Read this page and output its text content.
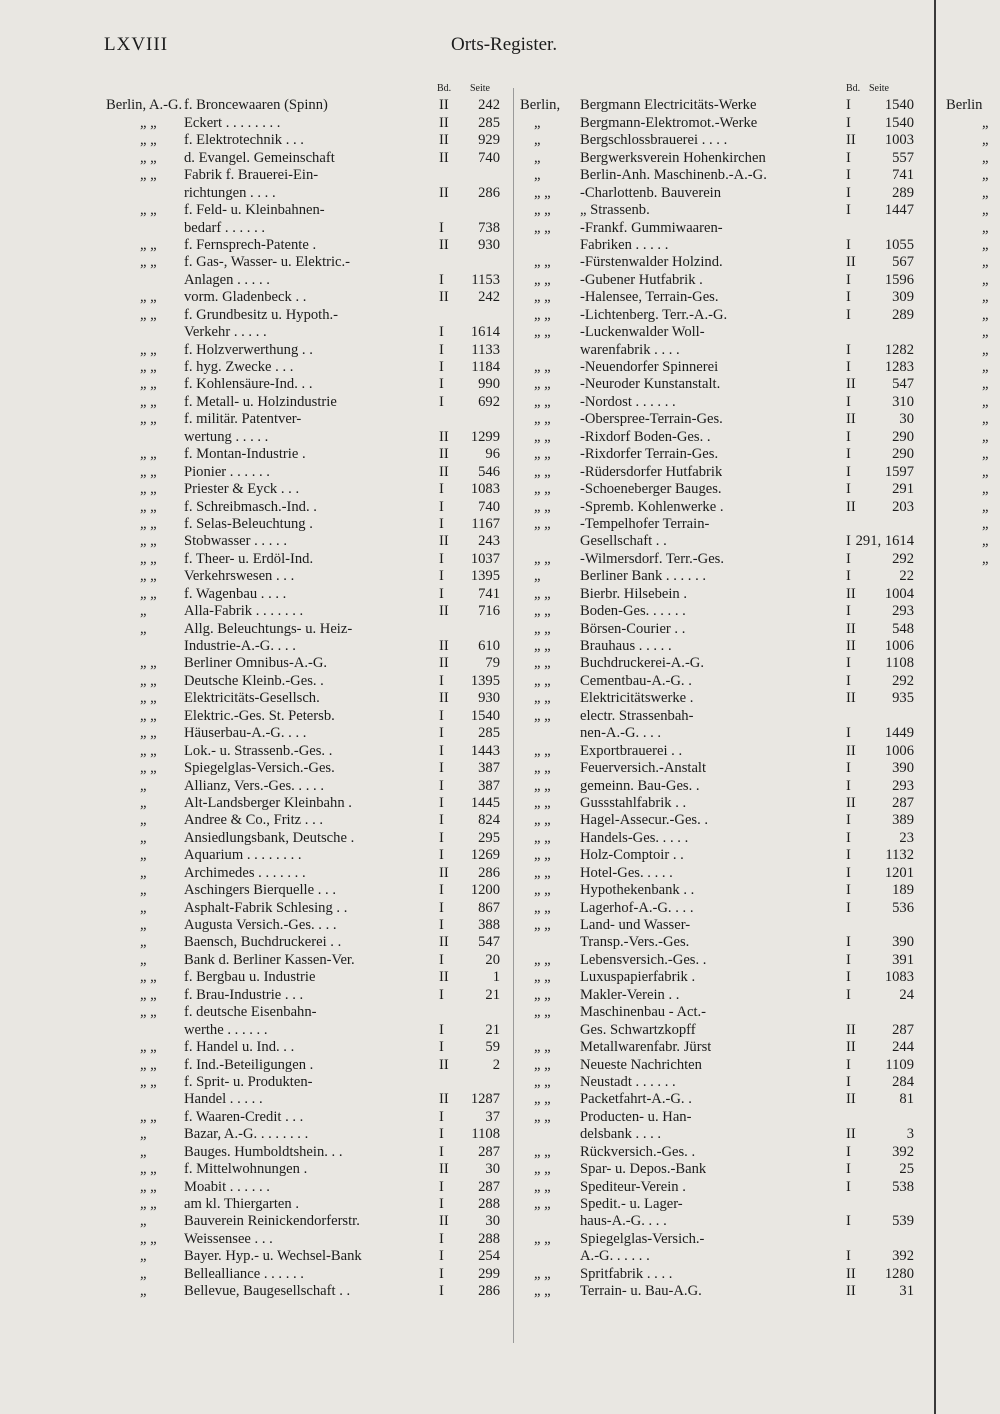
LXVIII	Orts-Register.
Bd. Seite
Berlin, A.-G. f. Broncewaaren (Spinn)	II 242
„ „ Eckert . . . . . . . .	II 285
„ „ f. Elektrotechnik . . .	II 929
„ „ d. Evangel. Gemeinschaft	II 740
„ „ Fabrik f. Brauerei-Ein-
richtungen . . . .	II 286
„ „ f. Feld- u. Kleinbahnen-
bedarf . . . . . .	I 738
„ „ f. Fernsprech-Patente .	II 930
„ „ f. Gas-, Wasser- u. Elektric.-
Anlagen . . . . .	I 1153
„ „ vorm. Gladenbeck . .	II 242
„ „ f. Grundbesitz u. Hypoth.-
Verkehr . . . . .	I 1614
„ „ f. Holzverwerthung . .	I 1133
„ „ f. hyg. Zwecke . . .	I 1184
„ „ f. Kohlensäure-Ind. . .	I 990
„ „ f. Metall- u. Holzindustrie	I 692
„ „ f. militär. Patentver-
wertung . . . . .	II 1299
„ „ f. Montan-Industrie .	II	96
„ „ Pionier . . . . . .	II 546
„ „ Priester & Eyck . . .	I 1083
„ „ f. Schreibmasch.-Ind. .	I 740
„ „ f. Selas-Beleuchtung .	I 1167
„ „ Stobwasser . . . . .	II 243
„ „ f. Theer- u. Erdöl-Ind.	I 1037
„ „ Verkehrswesen . . .	I 1395
„ „ f. Wagenbau . . . .	I 741
„	Alla-Fabrik . . . . . . .	II 716
„	Allg. Beleuchtungs- u. Heiz-
Industrie-A.-G. . . .	II 610
„ „ Berliner Omnibus-A.-G.	II	79
„ „ Deutsche Kleinb.-Ges. .	I 1395
„ „ Elektricitäts-Gesellsch.	II 930
„ „ Elektric.-Ges. St. Petersb.	I 1540
„ „ Häuserbau-A.-G. . . .	I 285
„ „ Lok.- u. Strassenb.-Ges. .	I 1443
„ „ Spiegelglas-Versich.-Ges.	I 387
„	Allianz, Vers.-Ges. . . . .	I 387
„	Alt-Landsberger Kleinbahn .	I 1445
„	Andree & Co., Fritz . . .	I 824
„	Ansiedlungsbank, Deutsche .	I 295
„	Aquarium . . . . . . . .	I 1269
„	Archimedes . . . . . . .	II 286
„	Aschingers Bierquelle . . .	I 1200
„	Asphalt-Fabrik Schlesing . .	I 867
„	Augusta Versich.-Ges. . . .	I 388
„	Baensch, Buchdruckerei . .	II 547
„	Bank d. Berliner Kassen-Ver.	I	20
„ „ f. Bergbau u. Industrie	II	1
„ „ f. Brau-Industrie . . .	I	21
„ „ f. deutsche Eisenbahn-
werthe . . . . . .	I	21
„ „ f. Handel u. Ind. . .	I	59
„ „ f. Ind.-Beteiligungen .	II	2
„ „ f. Sprit- u. Produkten-
Handel . . . . .	II 1287
„ „ f. Waaren-Credit . . .	I	37
„	Bazar, A.-G. . . . . . . .	I 1108
„	Bauges. Humboldtshein. . .	I 287
„ „ f. Mittelwohnungen .	II	30
„ „ Moabit . . . . . .	I 287
„ „ am kl. Thiergarten .	I 288
„	Bauverein Reinickendorferstr.	II	30
„ „ Weissensee . . .	I 288
„	Bayer. Hyp.- u. Wechsel-Bank	I 254
„	Bellealliance . . . . . .	I 299
„	Bellevue, Baugesellschaft . .	I 286
Bd. Seite
Berlin, Bergmann Electricitäts-Werke	I 1540
„	Bergmann-Elektromot.-Werke	I 1540
„	Bergschlossbrauerei . . . .	II 1003
„	Bergwerksverein Hohenkirchen	I	557
„	Berlin-Anh. Maschinenb.-A.-G.	I	741
„ „ -Charlottenb. Bauverein	I	289
„ „ „ Strassenb.	I 1447
„ „ -Frankf. Gummiwaaren-
Fabriken . . . . .	I 1055
„ „ -Fürstenwalder Holzind.	II 567
„ „ -Gubener Hutfabrik .	I 1596
„ „ -Halensee, Terrain-Ges.	I	309
„ „ -Lichtenberg. Terr.-A.-G.	I	289
„ „ -Luckenwalder Woll-
warenfabrik . . . .	I 1282
„ „ -Neuendorfer Spinnerei	I 1283
„ „ -Neuroder Kunstanstalt.	II 547
„ „ -Nordost . . . . . .	I	310
„ „ -Oberspree-Terrain-Ges.	II	30
„ „ -Rixdorf Boden-Ges. .	I	290
„ „ -Rixdorfer Terrain-Ges.	I	290
„ „ -Rüdersdorfer Hutfabrik	I 1597
„ „ -Schoeneberger Bauges.	I	291
„ „ -Spremb. Kohlenwerke .	II 203
„ „ -Tempelhofer Terrain-
Gesellschaft . .	I 291, 1614
„ „ -Wilmersdorf. Terr.-Ges.	I	292
„	Berliner Bank . . . . . .	I	22
„ „ Bierbr. Hilsebein .	II 1004
„ „ Boden-Ges. . . . . .	I	293
„ „ Börsen-Courier . .	II 548
„ „ Brauhaus . . . . .	II 1006
„ „ Buchdruckerei-A.-G.	I 1108
„ „ Cementbau-A.-G. .	I	292
„ „ Elektricitätswerke .	II 935
„ „ electr. Strassenbah-
nen-A.-G. . . .	I 1449
„ „ Exportbrauerei . .	II 1006
„ „ Feuerversich.-Anstalt	I	390
„ „ gemeinn. Bau-Ges. .	I	293
„ „ Gussstahlfabrik . .	II 287
„ „ Hagel-Assecur.-Ges. .	I	389
„ „ Handels-Ges. . . . .	I	23
„ „ Holz-Comptoir . .	I 1132
„ „ Hotel-Ges. . . . .	I 1201
„ „ Hypothekenbank . .	I	189
„ „ Lagerhof-A.-G. . . .	I	536
„ „ Land- und Wasser-
Transp.-Vers.-Ges.	I	390
„ „ Lebensversich.-Ges. .	I	391
„ „ Luxuspapierfabrik .	I 1083
„ „ Makler-Verein . .	I	24
„ „ Maschinenbau - Act.-
Ges. Schwartzkopff	II 287
„ „ Metallwarenfabr. Jürst	II 244
„ „ Neueste Nachrichten	I 1109
„ „ Neustadt . . . . . .	I	284
„ „ Packetfahrt-A.-G. .	II	81
„ „ Producten- u. Han-
delsbank . . . .	II	3
„ „ Rückversich.-Ges. .	I	392
„ „ Spar- u. Depos.-Bank	I	25
„ „ Spediteur-Verein .	I	538
„ „ Spedit.- u. Lager-
haus-A.-G. . . .	I	539
„ „ Spiegelglas-Versich.-
A.-G. . . . . .	I	392
„ „ Spritfabrik . . . .	II 1280
„ „ Terrain- u. Bau-A.G.	II	31
Berlin
„
„
„
„
„
„
„
„
„
„
„
„
„
„
„
„
„
„
„
„
„
„
„
„
„
„
